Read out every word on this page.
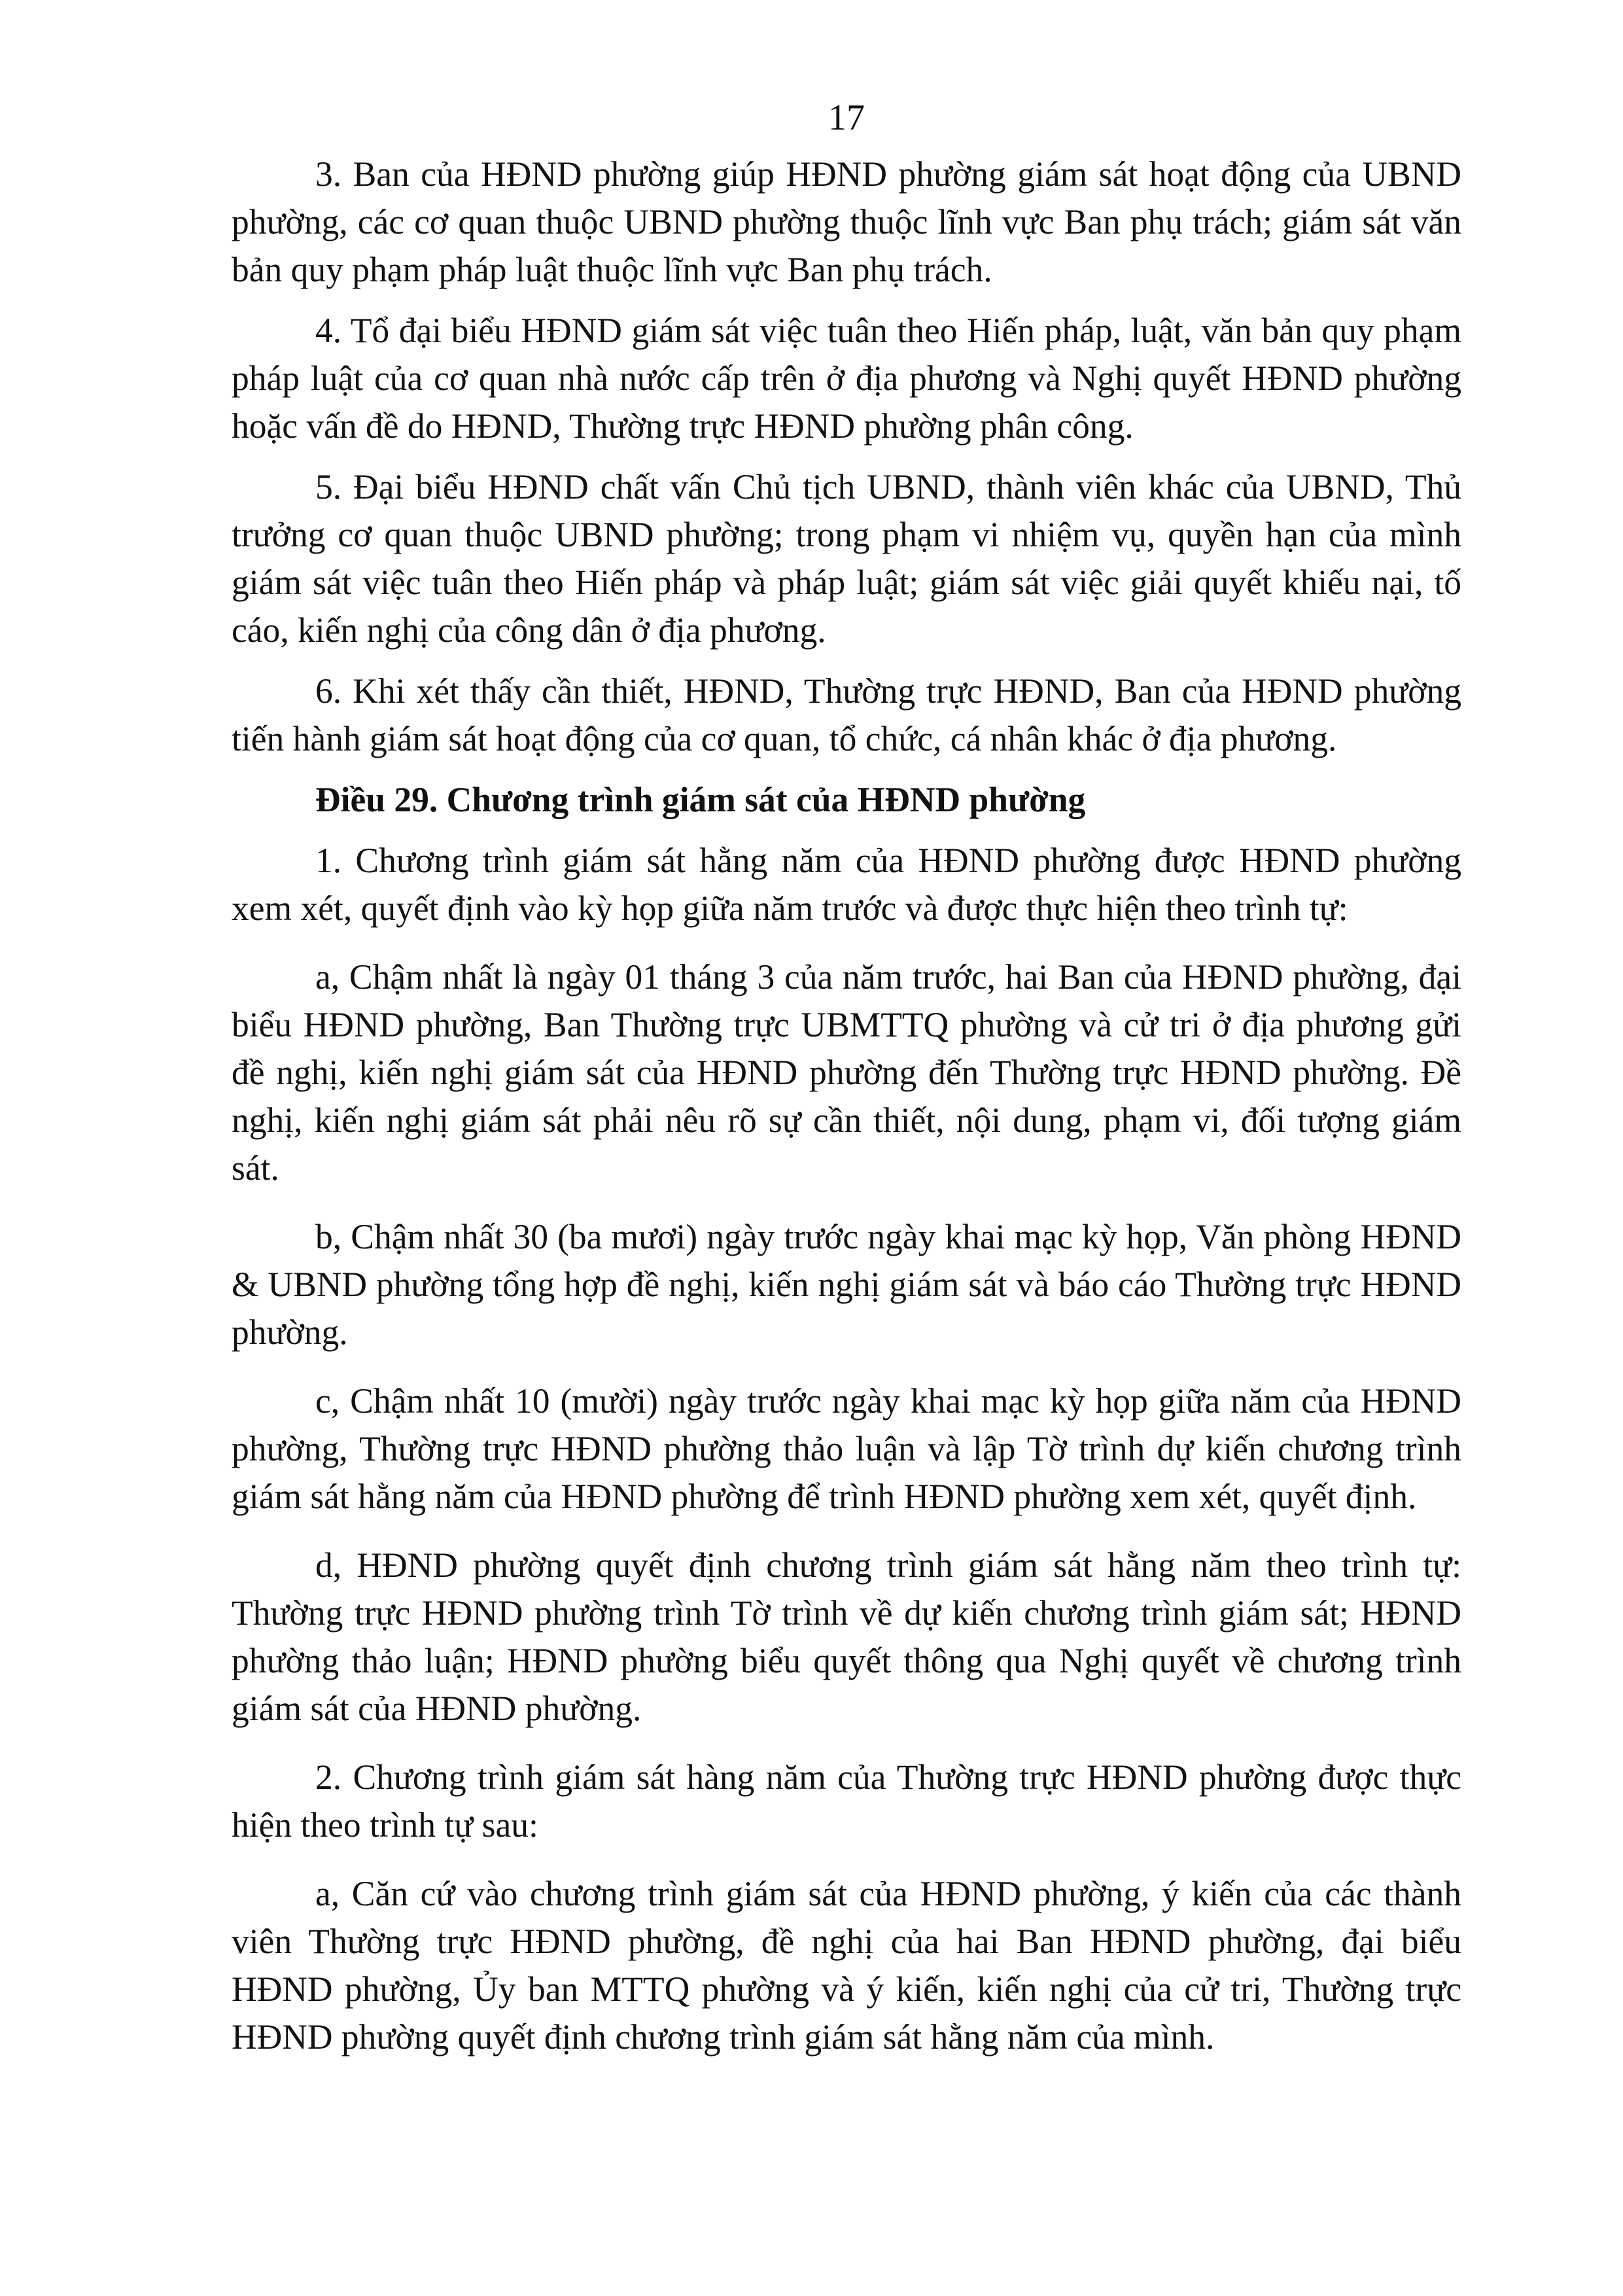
17

3. Ban của HĐND phường giúp HĐND phường giám sát hoạt động của UBND phường, các cơ quan thuộc UBND phường thuộc lĩnh vực Ban phụ trách; giám sát văn bản quy phạm pháp luật thuộc lĩnh vực Ban phụ trách.

4. Tổ đại biểu HĐND giám sát việc tuân theo Hiến pháp, luật, văn bản quy phạm pháp luật của cơ quan nhà nước cấp trên ở địa phương và Nghị quyết HĐND phường hoặc vấn đề do HĐND, Thường trực HĐND phường phân công.

5. Đại biểu HĐND chất vấn Chủ tịch UBND, thành viên khác của UBND, Thủ trưởng cơ quan thuộc UBND phường; trong phạm vi nhiệm vụ, quyền hạn của mình giám sát việc tuân theo Hiến pháp và pháp luật; giám sát việc giải quyết khiếu nại, tố cáo, kiến nghị của công dân ở địa phương.

6. Khi xét thấy cần thiết, HĐND, Thường trực HĐND, Ban của HĐND phường tiến hành giám sát hoạt động của cơ quan, tổ chức, cá nhân khác ở địa phương.

Điều 29. Chương trình giám sát của HĐND phường

1. Chương trình giám sát hằng năm của HĐND phường được HĐND phường xem xét, quyết định vào kỳ họp giữa năm trước và được thực hiện theo trình tự:

a, Chậm nhất là ngày 01 tháng 3 của năm trước, hai Ban của HĐND phường, đại biểu HĐND phường, Ban Thường trực UBMTTQ phường và cử tri ở địa phương gửi đề nghị, kiến nghị giám sát của HĐND phường đến Thường trực HĐND phường. Đề nghị, kiến nghị giám sát phải nêu rõ sự cần thiết, nội dung, phạm vi, đối tượng giám sát.

b, Chậm nhất 30 (ba mươi) ngày trước ngày khai mạc kỳ họp, Văn phòng HĐND & UBND phường tổng hợp đề nghị, kiến nghị giám sát và báo cáo Thường trực HĐND phường.

c, Chậm nhất 10 (mười) ngày trước ngày khai mạc kỳ họp giữa năm của HĐND phường, Thường trực HĐND phường thảo luận và lập Tờ trình dự kiến chương trình giám sát hằng năm của HĐND phường để trình HĐND phường xem xét, quyết định.

d, HĐND phường quyết định chương trình giám sát hằng năm theo trình tự: Thường trực HĐND phường trình Tờ trình về dự kiến chương trình giám sát; HĐND phường thảo luận; HĐND phường biểu quyết thông qua Nghị quyết về chương trình giám sát của HĐND phường.

2. Chương trình giám sát hàng năm của Thường trực HĐND phường được thực hiện theo trình tự sau:

a, Căn cứ vào chương trình giám sát của HĐND phường, ý kiến của các thành viên Thường trực HĐND phường, đề nghị của hai Ban HĐND phường, đại biểu HĐND phường, Ủy ban MTTQ phường và ý kiến, kiến nghị của cử tri, Thường trực HĐND phường quyết định chương trình giám sát hằng năm của mình.
